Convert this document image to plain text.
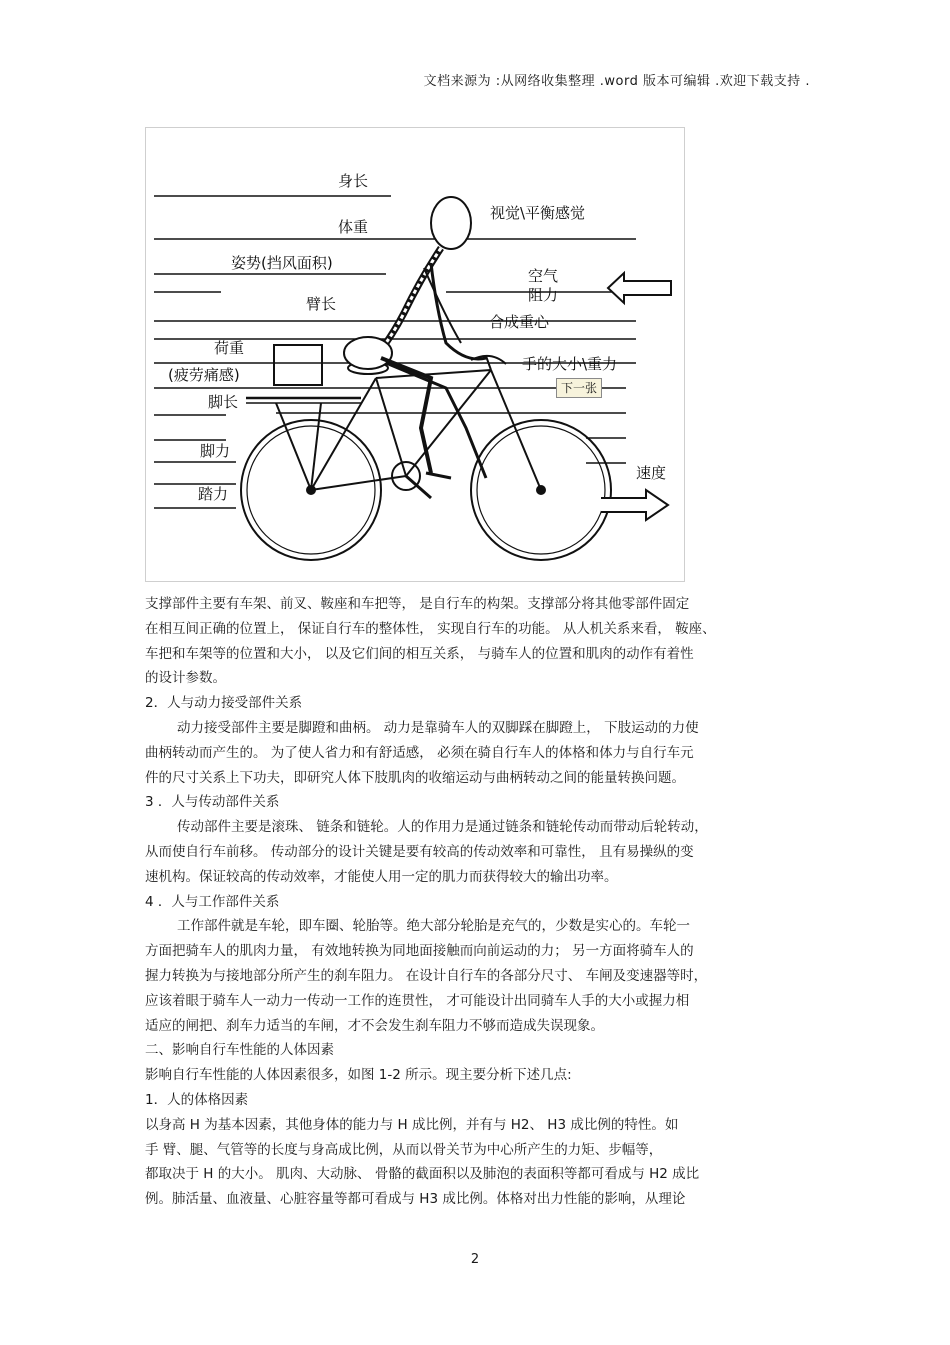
文档来源为 :从网络收集整理 .word 版本可编辑 .欢迎下载支持 .
身长
体重
视觉\平衡感觉
姿势(挡风面积)
空气
阻力
臂长
合成重心
荷重
(疲劳痛感)
手的大小\重力
脚长
脚力
踏力
速度
下一张
支撑部件主要有车架、前叉、鞍座和车把等， 是自行车的构架。支撑部分将其他零部件固定
在相互间正确的位置上， 保证自行车的整体性， 实现自行车的功能。 从人机关系来看， 鞍座、
车把和车架等的位置和大小， 以及它们间的相互关系， 与骑车人的位置和肌肉的动作有着性
的设计参数。
2．人与动力接受部件关系
动力接受部件主要是脚蹬和曲柄。 动力是靠骑车人的双脚踩在脚蹬上， 下肢运动的力使
曲柄转动而产生的。 为了使人省力和有舒适感， 必须在骑自行车人的体格和体力与自行车元
件的尺寸关系上下功夫，即研究人体下肢肌肉的收缩运动与曲柄转动之间的能量转换问题。
3 ．人与传动部件关系
传动部件主要是滚珠、 链条和链轮。人的作用力是通过链条和链轮传动而带动后轮转动，
从而使自行车前移。 传动部分的设计关键是要有较高的传动效率和可靠性， 且有易操纵的变
速机构。保证较高的传动效率，才能使人用一定的肌力而获得较大的输出功率。
4 ．人与工作部件关系
工作部件就是车轮，即车圈、轮胎等。绝大部分轮胎是充气的，少数是实心的。车轮一
方面把骑车人的肌肉力量， 有效地转换为同地面接触而向前运动的力； 另一方面将骑车人的
握力转换为与接地部分所产生的刹车阻力。 在设计自行车的各部分尺寸、 车闸及变速器等时，
应该着眼于骑车人一动力一传动一工作的连贯性， 才可能设计出同骑车人手的大小或握力相
适应的闸把、刹车力适当的车闸，才不会发生刹车阻力不够而造成失误现象。
二、影响自行车性能的人体因素
影响自行车性能的人体因素很多，如图 1-2 所示。现主要分析下述几点:
1．人的体格因素
以身高 H 为基本因素，其他身体的能力与 H 成比例，并有与 H2、 H3 成比例的特性。如
手 臂、腿、气管等的长度与身高成比例，从而以骨关节为中心所产生的力矩、步幅等，
都取决于 H 的大小。 肌肉、大动脉、 骨骼的截面积以及肺泡的表面积等都可看成与 H2 成比
例。肺活量、血液量、心脏容量等都可看成与 H3 成比例。体格对出力性能的影响，从理论
2
